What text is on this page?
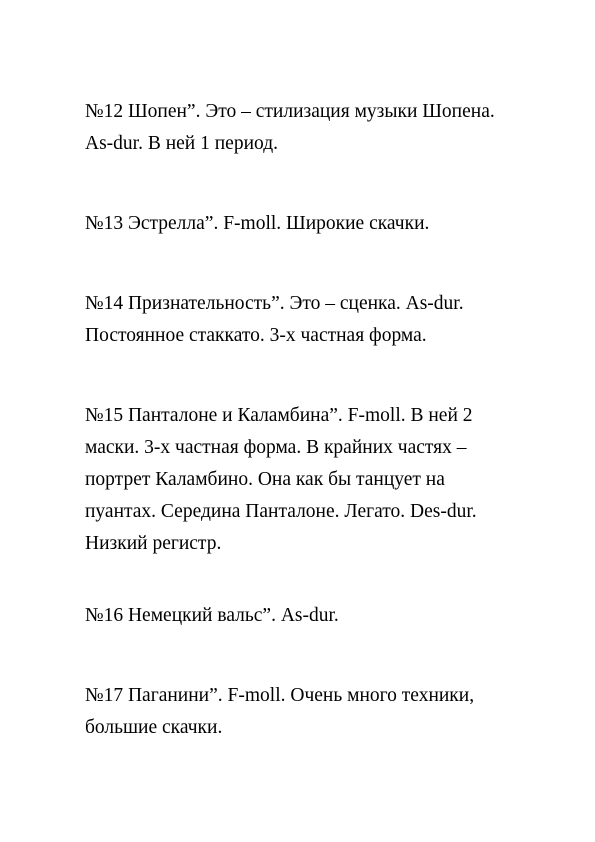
№12 Шопен”. Это – стилизация музыки Шопена.
As-dur. В ней 1 период.

№13 Эстрелла”. F-moll. Широкие скачки.

№14 Признательность”. Это – сценка. As-dur.
Постоянное стаккато. 3-х частная форма.

№15 Панталоне и Каламбина”. F-moll. В ней 2
маски. 3-х частная форма. В крайних частях –
портрет Каламбино. Она как бы танцует на
пуантах. Середина Панталоне. Легато. Des-dur.
Низкий регистр.

№16 Немецкий вальс”. As-dur.

№17 Паганини”. F-moll. Очень много техники,
большие скачки.
